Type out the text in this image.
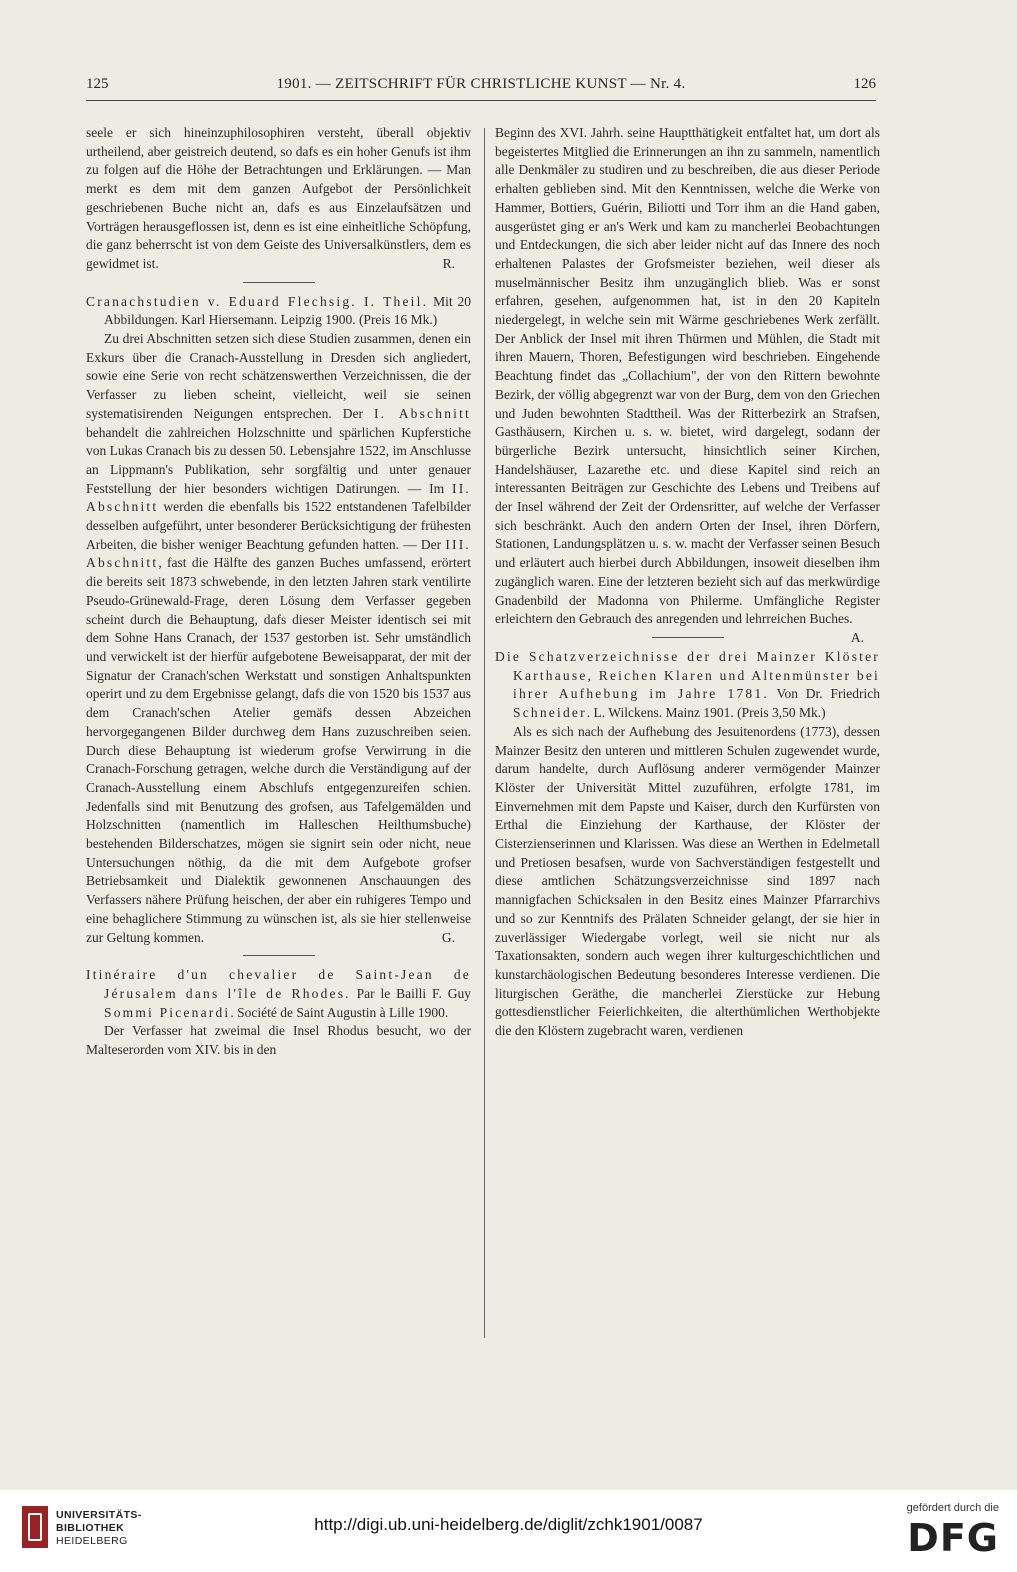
125	1901. — ZEITSCHRIFT FÜR CHRISTLICHE KUNST — Nr. 4.	126

seele er sich hineinzuphilosophiren versteht, überall objektiv urtheilend, aber geistreich deutend, so dafs es ein hoher Genufs ist ihm zu folgen auf die Höhe der Betrachtungen und Erklärungen. — Man merkt es dem mit dem ganzen Aufgebot der Persönlichkeit geschriebenen Buche nicht an, dafs es aus Einzelaufsätzen und Vorträgen herausgeflossen ist, denn es ist eine einheitliche Schöpfung, die ganz beherrscht ist von dem Geiste des Universalkünstlers, dem es gewidmet ist.	R.

Cranachstudien v. Eduard Flechsig. I. Theil. Mit 20 Abbildungen. Karl Hiersemann. Leipzig 1900. (Preis 16 Mk.)

Zu drei Abschnitten setzen sich diese Studien zusammen, denen ein Exkurs über die Cranach-Ausstellung in Dresden sich angliedert, sowie eine Serie von recht schätzenswerthen Verzeichnissen, die der Verfasser zu lieben scheint, vielleicht, weil sie seinen systematisirenden Neigungen entsprechen. Der I. Abschnitt behandelt die zahlreichen Holzschnitte und spärlichen Kupferstiche von Lukas Cranach bis zu dessen 50. Lebensjahre 1522, im Anschlusse an Lippmann's Publikation, sehr sorgfältig und unter genauer Feststellung der hier besonders wichtigen Datirungen. — Im II. Abschnitt werden die ebenfalls bis 1522 entstandenen Tafelbilder desselben aufgeführt, unter besonderer Berücksichtigung der frühesten Arbeiten, die bisher weniger Beachtung gefunden hatten. — Der III. Abschnitt, fast die Hälfte des ganzen Buches umfassend, erörtert die bereits seit 1873 schwebende, in den letzten Jahren stark ventilirte Pseudo-Grünewald-Frage, deren Lösung dem Verfasser gegeben scheint durch die Behauptung, dafs dieser Meister identisch sei mit dem Sohne Hans Cranach, der 1537 gestorben ist. Sehr umständlich und verwickelt ist der hierfür aufgebotene Beweisapparat, der mit der Signatur der Cranach'schen Werkstatt und sonstigen Anhaltspunkten operirt und zu dem Ergebnisse gelangt, dafs die von 1520 bis 1537 aus dem Cranach'schen Atelier gemäfs dessen Abzeichen hervorgegangenen Bilder durchweg dem Hans zuzuschreiben seien. Durch diese Behauptung ist wiederum grofse Verwirrung in die Cranach-Forschung getragen, welche durch die Verständigung auf der Cranach-Ausstellung einem Abschlufs entgegenzureifen schien. Jedenfalls sind mit Benutzung des grofsen, aus Tafelgemälden und Holzschnitten (namentlich im Halleschen Heilthumsbuche) bestehenden Bilderschatzes, mögen sie signirt sein oder nicht, neue Untersuchungen nöthig, da die mit dem Aufgebote grofser Betriebsamkeit und Dialektik gewonnenen Anschauungen des Verfassers nähere Prüfung heischen, der aber ein ruhigeres Tempo und eine behaglichere Stimmung zu wünschen ist, als sie hier stellenweise zur Geltung kommen.	G.

Itinéraire d'un chevalier de Saint-Jean de Jérusalem dans l'île de Rhodes. Par le Bailli F. Guy Sommi Picenardi. Société de Saint Augustin à Lille 1900.

Der Verfasser hat zweimal die Insel Rhodus besucht, wo der Malteserorden vom XIV. bis in den

Beginn des XVI. Jahrh. seine Hauptthätigkeit entfaltet hat, um dort als begeistertes Mitglied die Erinnerungen an ihn zu sammeln, namentlich alle Denkmäler zu studiren und zu beschreiben, die aus dieser Periode erhalten geblieben sind. Mit den Kenntnissen, welche die Werke von Hammer, Bottiers, Guérin, Biliotti und Torr ihm an die Hand gaben, ausgerüstet ging er an's Werk und kam zu mancherlei Beobachtungen und Entdeckungen, die sich aber leider nicht auf das Innere des noch erhaltenen Palastes der Grofsmeister beziehen, weil dieser als muselmännischer Besitz ihm unzugänglich blieb. Was er sonst erfahren, gesehen, aufgenommen hat, ist in den 20 Kapiteln niedergelegt, in welche sein mit Wärme geschriebenes Werk zerfällt. Der Anblick der Insel mit ihren Thürmen und Mühlen, die Stadt mit ihren Mauern, Thoren, Befestigungen wird beschrieben. Eingehende Beachtung findet das „Collachium", der von den Rittern bewohnte Bezirk, der völlig abgegrenzt war von der Burg, dem von den Griechen und Juden bewohnten Stadttheil. Was der Ritterbezirk an Strafsen, Gasthäusern, Kirchen u. s. w. bietet, wird dargelegt, sodann der bürgerliche Bezirk untersucht, hinsichtlich seiner Kirchen, Handelshäuser, Lazarethe etc. und diese Kapitel sind reich an interessanten Beiträgen zur Geschichte des Lebens und Treibens auf der Insel während der Zeit der Ordensritter, auf welche der Verfasser sich beschränkt. Auch den andern Orten der Insel, ihren Dörfern, Stationen, Landungsplätzen u. s. w. macht der Verfasser seinen Besuch und erläutert auch hierbei durch Abbildungen, insoweit dieselben ihm zugänglich waren. Eine der letzteren bezieht sich auf das merkwürdige Gnadenbild der Madonna von Philerme. Umfängliche Register erleichtern den Gebrauch des anregenden und lehrreichen Buches.
A.

Die Schatzverzeichnisse der drei Mainzer Klöster Karthause, Reichen Klaren und Altenmünster bei ihrer Aufhebung im Jahre 1781. Von Dr. Friedrich Schneider. L. Wilckens. Mainz 1901. (Preis 3,50 Mk.)

Als es sich nach der Aufhebung des Jesuitenordens (1773), dessen Mainzer Besitz den unteren und mittleren Schulen zugewendet wurde, darum handelte, durch Auflösung anderer vermögender Mainzer Klöster der Universität Mittel zuzuführen, erfolgte 1781, im Einvernehmen mit dem Papste und Kaiser, durch den Kurfürsten von Erthal die Einziehung der Karthause, der Klöster der Cisterzienserinnen und Klarissen. Was diese an Werthen in Edelmetall und Pretiosen besafsen, wurde von Sachverständigen festgestellt und diese amtlichen Schätzungsverzeichnisse sind 1897 nach mannigfachen Schicksalen in den Besitz eines Mainzer Pfarrarchivs und so zur Kenntnifs des Prälaten Schneider gelangt, der sie hier in zuverlässiger Wiedergabe vorlegt, weil sie nicht nur als Taxationsakten, sondern auch wegen ihrer kulturgeschichtlichen und kunstarchäologischen Bedeutung besonderes Interesse verdienen. Die liturgischen Geräthe, die mancherlei Zierstücke zur Hebung gottesdienstlicher Feierlichkeiten, die alterthümlichen Werthobjekte die den Klöstern zugebracht waren, verdienen

UNIVERSITÄTS-
BIBLIOTHEK
HEIDELBERG
http://digi.ub.uni-heidelberg.de/diglit/zchk1901/0087
gefördert durch die
DFG
